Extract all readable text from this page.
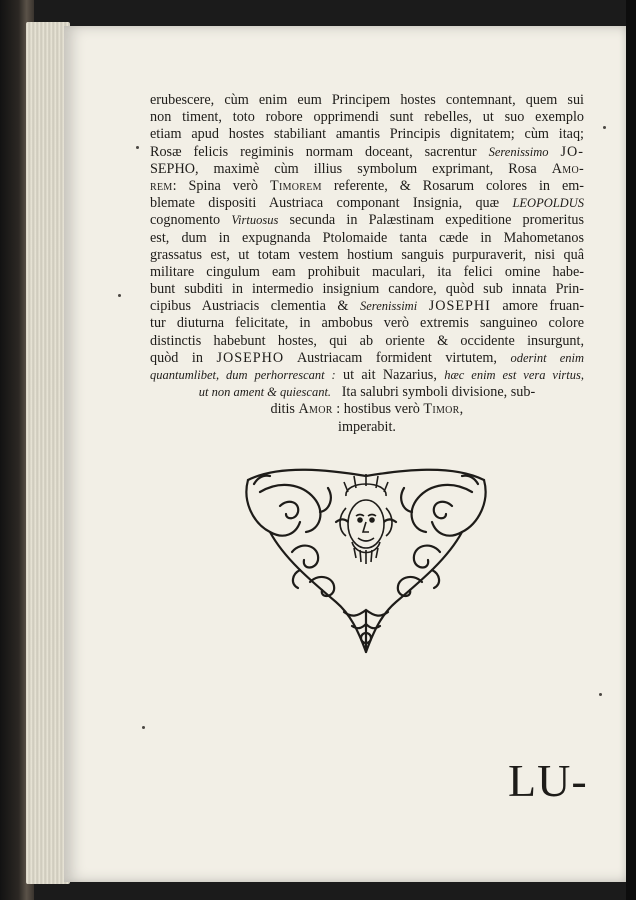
erubescere, cùm enim eum Principem hostes contemnant, quem sui
non timent, toto robore opprimendi sunt rebelles, ut suo exemplo
etiam apud hostes stabiliant amantis Principis dignitatem; cùm itaq;
Rosæ felicis regiminis normam doceant, sacrentur Serenissimo JO-
SEPHO, maximè cùm illius symbolum exprimant, Rosa Amo-
rem: Spina verò Timorem referente, & Rosarum colores in em-
blemate dispositi Austriaca componant Insignia, quæ LEOPOLDUS
cognomento Virtuosus secunda in Palæstinam expeditione promeritus
est, dum in expugnanda Ptolomaide tanta cæde in Mahometanos
grassatus est, ut totam vestem hostium sanguis purpuraverit, nisi quâ
militare cingulum eam prohibuit maculari, ita felici omine habe-
bunt subditi in intermedio insignium candore, quòd sub innata Prin-
cipibus Austriacis clementia & Serenissimi JOSEPHI amore fruan-
tur diuturna felicitate, in ambobus verò extremis sanguineo colore
distinctis habebunt hostes, qui ab oriente & occidente insurgunt,
quòd in JOSEPHO Austriacam formident virtutem, oderint enim
quantumlibet, dum perhorrescant : ut ait Nazarius, hæc enim est vera virtus,
ut non ament & quiescant. Ita salubri symboli divisione, sub-
ditis Amor : hostibus verò Timor,
imperabit.
LU-
